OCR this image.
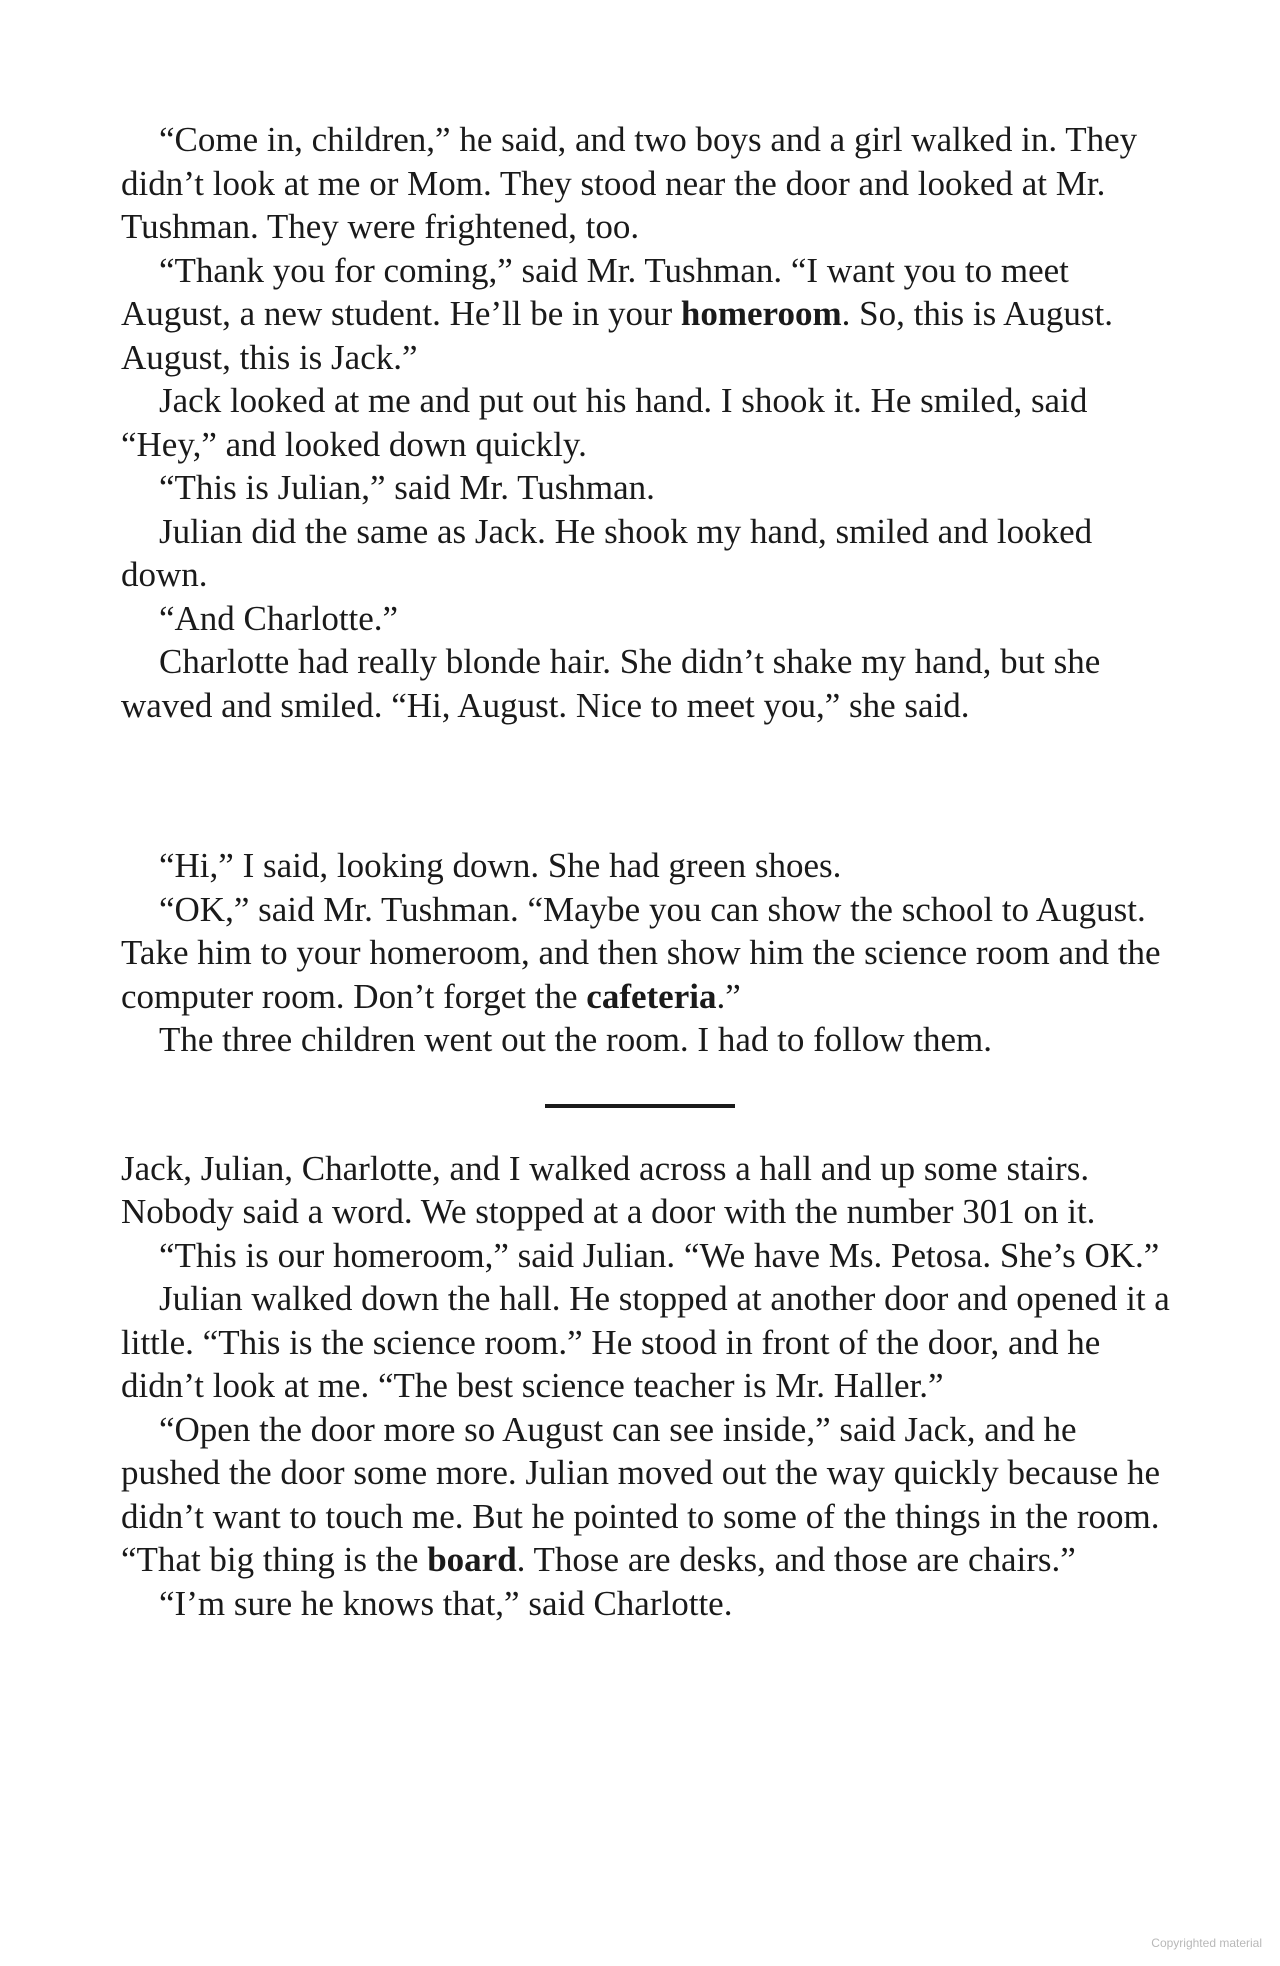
“Come in, children,” he said, and two boys and a girl walked in. They didn’t look at me or Mom. They stood near the door and looked at Mr. Tushman. They were frightened, too.

“Thank you for coming,” said Mr. Tushman. “I want you to meet August, a new student. He’ll be in your homeroom. So, this is August. August, this is Jack.”

Jack looked at me and put out his hand. I shook it. He smiled, said “Hey,” and looked down quickly.

“This is Julian,” said Mr. Tushman.

Julian did the same as Jack. He shook my hand, smiled and looked down.

“And Charlotte.”

Charlotte had really blonde hair. She didn’t shake my hand, but she waved and smiled. “Hi, August. Nice to meet you,” she said.

“Hi,” I said, looking down. She had green shoes.

“OK,” said Mr. Tushman. “Maybe you can show the school to August. Take him to your homeroom, and then show him the science room and the computer room. Don’t forget the cafeteria.”

The three children went out the room. I had to follow them.

Jack, Julian, Charlotte, and I walked across a hall and up some stairs. Nobody said a word. We stopped at a door with the number 301 on it.

“This is our homeroom,” said Julian. “We have Ms. Petosa. She’s OK.”

Julian walked down the hall. He stopped at another door and opened it a little. “This is the science room.” He stood in front of the door, and he didn’t look at me. “The best science teacher is Mr. Haller.”

“Open the door more so August can see inside,” said Jack, and he pushed the door some more. Julian moved out the way quickly because he didn’t want to touch me. But he pointed to some of the things in the room. “That big thing is the board. Those are desks, and those are chairs.”

“I’m sure he knows that,” said Charlotte.

Copyrighted material
